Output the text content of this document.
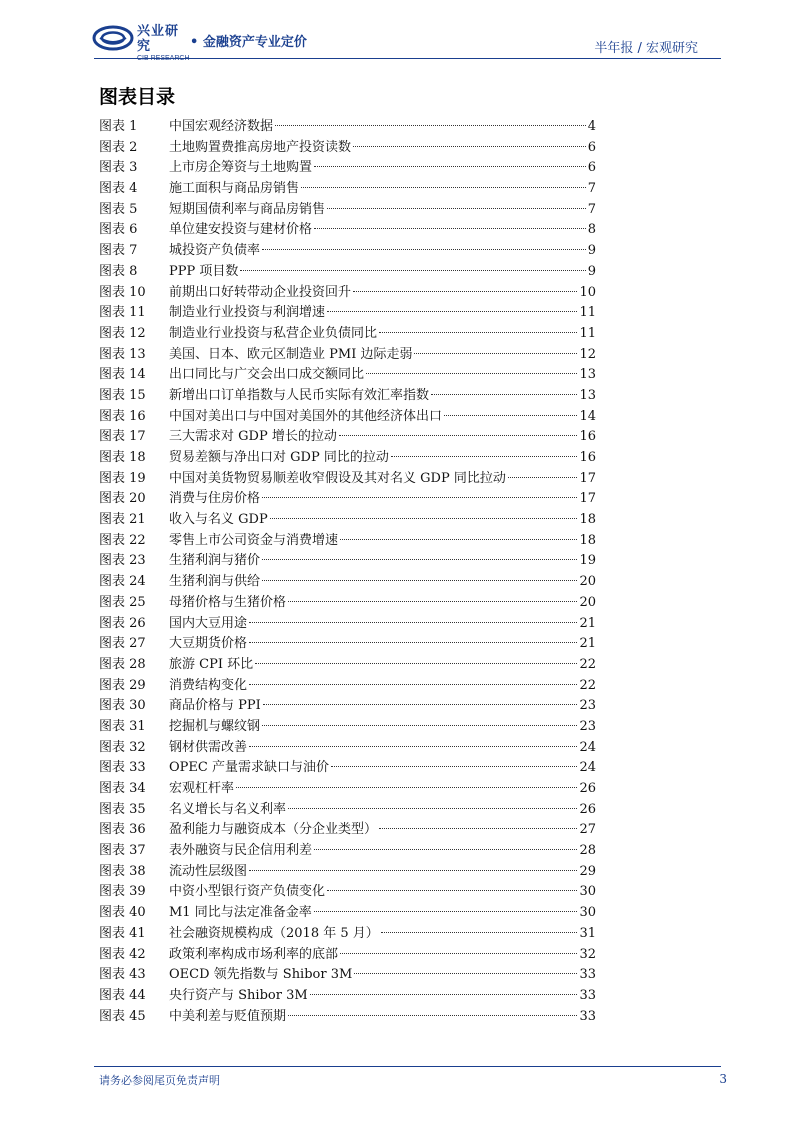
兴业研究	• 金融资产专业定价	半年报 / 宏观研究
图表目录
图表 1	中国宏观经济数据	4
图表 2	土地购置费推高房地产投资读数	6
图表 3	上市房企筹资与土地购置	6
图表 4	施工面积与商品房销售	7
图表 5	短期国债利率与商品房销售	7
图表 6	单位建安投资与建材价格	8
图表 7	城投资产负债率	9
图表 8	PPP 项目数	9
图表 10	前期出口好转带动企业投资回升	10
图表 11	制造业行业投资与利润增速	11
图表 12	制造业行业投资与私营企业负债同比	11
图表 13	美国、日本、欧元区制造业 PMI 边际走弱	12
图表 14	出口同比与广交会出口成交额同比	13
图表 15	新增出口订单指数与人民币实际有效汇率指数	13
图表 16	中国对美出口与中国对美国外的其他经济体出口	14
图表 17	三大需求对 GDP 增长的拉动	16
图表 18	贸易差额与净出口对 GDP 同比的拉动	16
图表 19	中国对美货物贸易顺差收窄假设及其对名义 GDP 同比拉动	17
图表 20	消费与住房价格	17
图表 21	收入与名义 GDP	18
图表 22	零售上市公司资金与消费增速	18
图表 23	生猪利润与猪价	19
图表 24	生猪利润与供给	20
图表 25	母猪价格与生猪价格	20
图表 26	国内大豆用途	21
图表 27	大豆期货价格	21
图表 28	旅游 CPI 环比	22
图表 29	消费结构变化	22
图表 30	商品价格与 PPI	23
图表 31	挖掘机与螺纹钢	23
图表 32	钢材供需改善	24
图表 33	OPEC 产量需求缺口与油价	24
图表 34	宏观杠杆率	26
图表 35	名义增长与名义利率	26
图表 36	盈利能力与融资成本（分企业类型）	27
图表 37	表外融资与民企信用利差	28
图表 38	流动性层级图	29
图表 39	中资小型银行资产负债变化	30
图表 40	M1 同比与法定准备金率	30
图表 41	社会融资规模构成（2018 年 5 月）	31
图表 42	政策利率构成市场利率的底部	32
图表 43	OECD 领先指数与 Shibor 3M	33
图表 44	央行资产与 Shibor 3M	33
图表 45	中美利差与贬值预期	33
请务必参阅尾页免责声明	3
